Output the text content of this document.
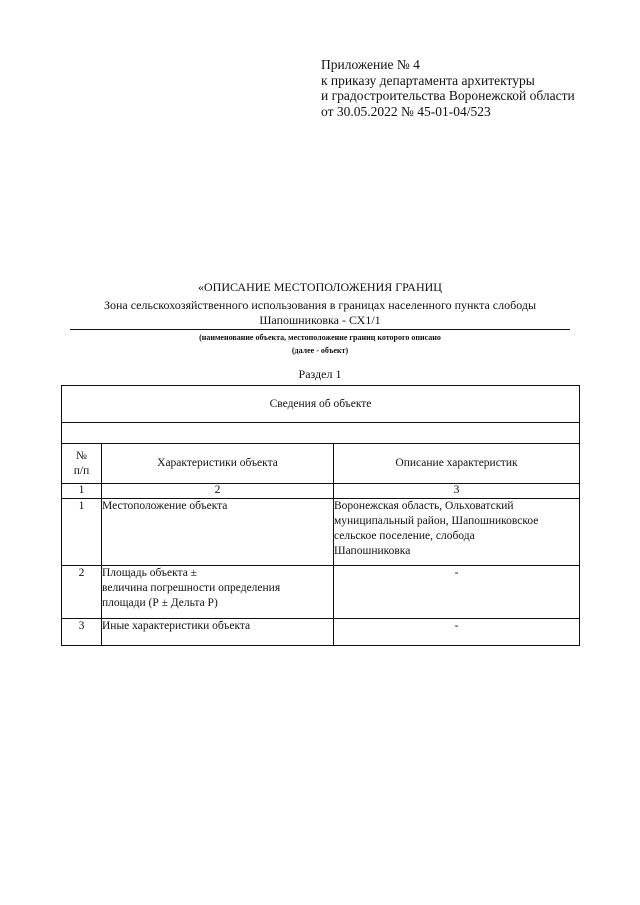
Приложение № 4
к приказу департамента архитектуры
и градостроительства Воронежской области
от 30.05.2022 № 45-01-04/523
«ОПИСАНИЕ МЕСТОПОЛОЖЕНИЯ ГРАНИЦ
Зона сельскохозяйственного использования в границах населенного пункта слободы
Шапошниковка - СХ1/1
(наименование объекта, местоположение границ которого описано
(далее - объект)
Раздел 1
Сведения об объекте		

№
п/п	Характеристики объекта	Описание характеристик
1	2	3
1	Местоположение объекта	Воронежская область, Ольховатский
муниципальный район, Шапошниковское
сельское поселение, слобода
Шапошниковка

2	Площадь объекта ±
величина погрешности определения
площади (Р ± Дельта Р)	-
3	Иные характеристики объекта	-
